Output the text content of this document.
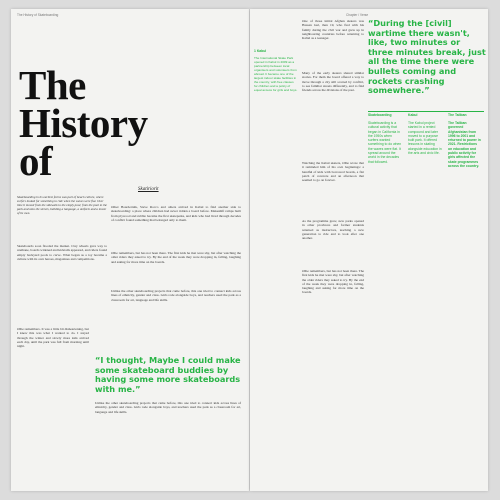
The History of Skateboarding
The
History
of
Skatiriorit

Skateboarding in its earliest forms was part of beach culture, where surfers looked for something to ride when the waves were flat. Over time it moved from the sidewalk to the empty pool, from the pool to the park and onto the streets, building a language, a uniform and a music of its own.

Skateboards soon flooded the market. Clay wheels gave way to urethane, boards widened and kicktails appeared, and riders found empty backyard pools to carve. What began as a toy became a culture with its own heroes, magazines and competitions.

Other Boardertalk, Steve Rocco and others arrived in Kabul to find another side to skateboarding: a place where children had never ridden a board before. Makeshift ramps built from plywood and rubble became the first skateparks, and kids who had lived through decades of conflict found something that belonged only to them.

Ollie remembers, but has not been there. The first kids he met were shy, but after watching the older riders they asked to try. By the end of the week they were dropping in, falling, laughing and asking for more time on the boards.

Unlike the other skateboarding projects that came before, this one tried to connect kids across lines of ethnicity, gender and class. Girls rode alongside boys, and teachers used the park as a classroom for art, language and life skills.

“I thought, Maybe I could make some skateboard buddies by having some more skateboards with me.”

Ollie remembers. It was a little bit disheartening, but I knew this was what I wanted to do. I stayed through the winter and slowly more kids arrived each day, until the park was full from morning until night.

Unlike the other skateboarding projects that came before, this one tried to connect kids across lines of ethnicity, gender and class. Girls rode alongside boys, and teachers used the park as a classroom for art, language and life skills.

Chapter / Verse

1 Kabul

The International Skate Park opened in Kabul in 2009 as a partnership between local organisers and volunteers from abroad. It became one of the largest indoor skate facilities in the country, with free classes for children and a policy of equal access for girls and boys.

One of those initial Afghan skaters was Hassan Gul, then 19, who fled with his family during the civil war and grew up in neighbouring countries before returning to Kabul as a teenager.

Many of the early skaters shared similar stories. For them the board offered a way to move through a city still scarred by conflict, to see familiar streets differently, and to find friends across the divisions of the past.

“During the [civil] wartime there wasn't, like, two minutes or three minutes break, just all the time there were bullets coming and rockets crashing somewhere.”

Skateboarding	Kabul	The Taliban

Skateboarding is a cultural activity that began in California in the 1950s when surfers wanted something to do when the waves were flat. It spread around the world in the decades that followed.

The Kabul project started in a rented compound and later moved to a purpose built park. It offered lessons in skating alongside education in the arts and civic life.

The Taliban governed Afghanistan from 1996 to 2001 and returned to power in 2021. Restrictions on education and public activity for girls affected the skate programmes across the country.

Watching the Kabul skaters, Ollie wrote that it reminded him of his own beginnings: a handful of kids with borrowed boards, a flat patch of concrete and an afternoon that seemed to go on forever.

As the programme grew, new parks opened in other provinces and former students returned as instructors, teaching a new generation to ride and to look after one another.

Ollie remembers, but has not been there. The first kids he met were shy, but after watching the older riders they asked to try. By the end of the week they were dropping in, falling, laughing and asking for more time on the boards.
